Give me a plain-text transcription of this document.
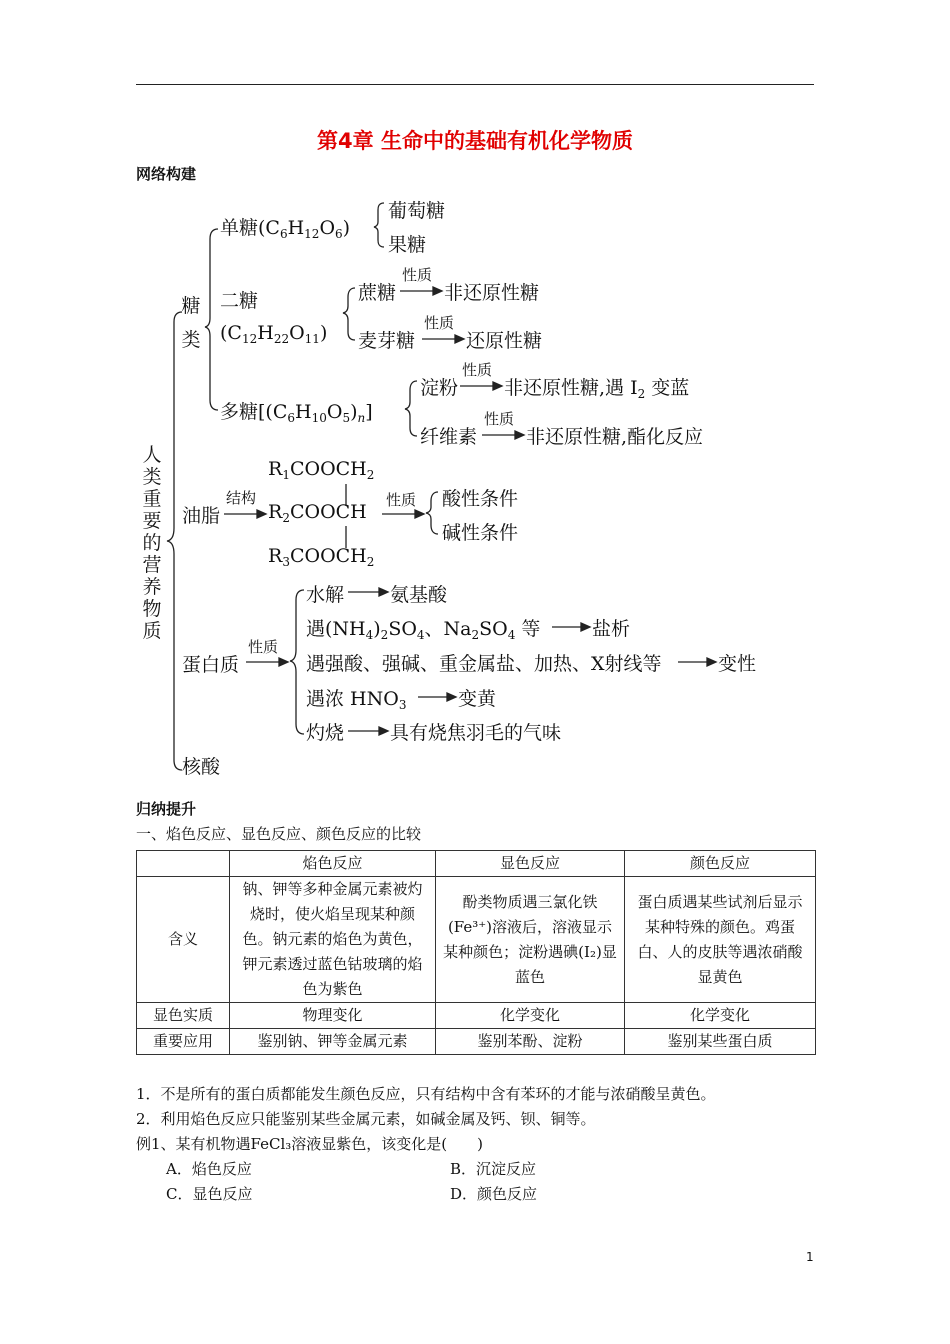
第4章 生命中的基础有机化学物质
网络构建
人类重要的营养物质
糖类
单糖$(C_6H_{12}O_6)$
葡萄糖
果糖
二糖
$(C_{12}H_{22}O_{11})$
蔗糖
性质
非还原性糖
麦芽糖
性质
还原性糖
多糖$[(C_6H_{10}O_5)_n]$
淀粉
性质
非还原性糖,遇 $I_2$ 变蓝
纤维素
性质
非还原性糖,酯化反应
油脂
结构
$R_1COOCH_2$
$R_2COOCH$
$R_3COOCH_2$
性质 酸性条件
碱性条件
蛋白质
性质
水解 氨基酸
遇$(NH_4)_2SO_4$、$Na_2SO_4$ 等	盐析
遇强酸、强碱、重金属盐、加热、X射线等	变性
遇浓 $HNO_3$	变黄
灼烧 具有烧焦羽毛的气味
核酸
归纳提升
一、焰色反应、显色反应、颜色反应的比较
	焰色反应	显色反应	颜色反应
含义	钠、钾等多种金属元素被灼烧时，使火焰呈现某种颜色。钠元素的焰色为黄色，钾元素透过蓝色钴玻璃的焰色为紫色	酚类物质遇三氯化铁(Fe³⁺)溶液后，溶液显示某种颜色；淀粉遇碘(I₂)显蓝色	蛋白质遇某些试剂后显示某种特殊的颜色。鸡蛋白、人的皮肤等遇浓硝酸显黄色
显色实质	物理变化	化学变化	化学变化
重要应用	鉴别钠、钾等金属元素	鉴别苯酚、淀粉	鉴别某些蛋白质
1．不是所有的蛋白质都能发生颜色反应，只有结构中含有苯环的才能与浓硝酸呈黄色。
2．利用焰色反应只能鉴别某些金属元素，如碱金属及钙、钡、铜等。
例1、某有机物遇FeCl₃溶液显紫色，该变化是(　　)
A．焰色反应	B．沉淀反应
C．显色反应	D．颜色反应
1
